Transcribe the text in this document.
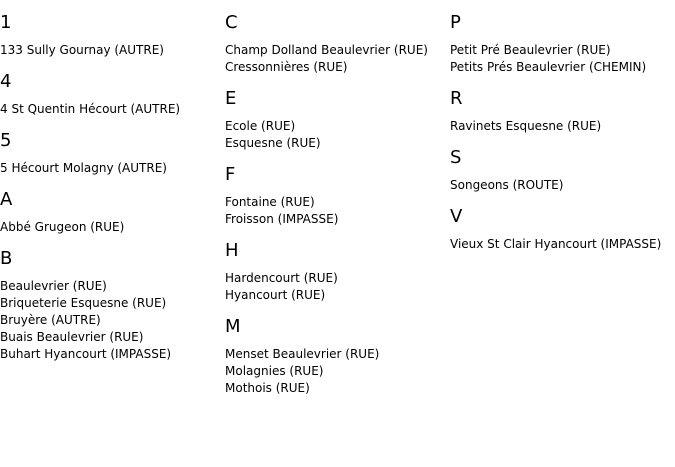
1
133 Sully Gournay (AUTRE)
4
4 St Quentin Hécourt (AUTRE)
5
5 Hécourt Molagny (AUTRE)
A
Abbé Grugeon (RUE)
B
Beaulevrier (RUE)
Briqueterie Esquesne (RUE)
Bruyère (AUTRE)
Buais Beaulevrier (RUE)
Buhart Hyancourt (IMPASSE)
C
Champ Dolland Beaulevrier (RUE)
Cressonnières (RUE)
E
Ecole (RUE)
Esquesne (RUE)
F
Fontaine (RUE)
Froisson (IMPASSE)
H
Hardencourt (RUE)
Hyancourt (RUE)
M
Menset Beaulevrier (RUE)
Molagnies (RUE)
Mothois (RUE)
P
Petit Pré Beaulevrier (RUE)
Petits Prés Beaulevrier (CHEMIN)
R
Ravinets Esquesne (RUE)
S
Songeons (ROUTE)
V
Vieux St Clair Hyancourt (IMPASSE)
